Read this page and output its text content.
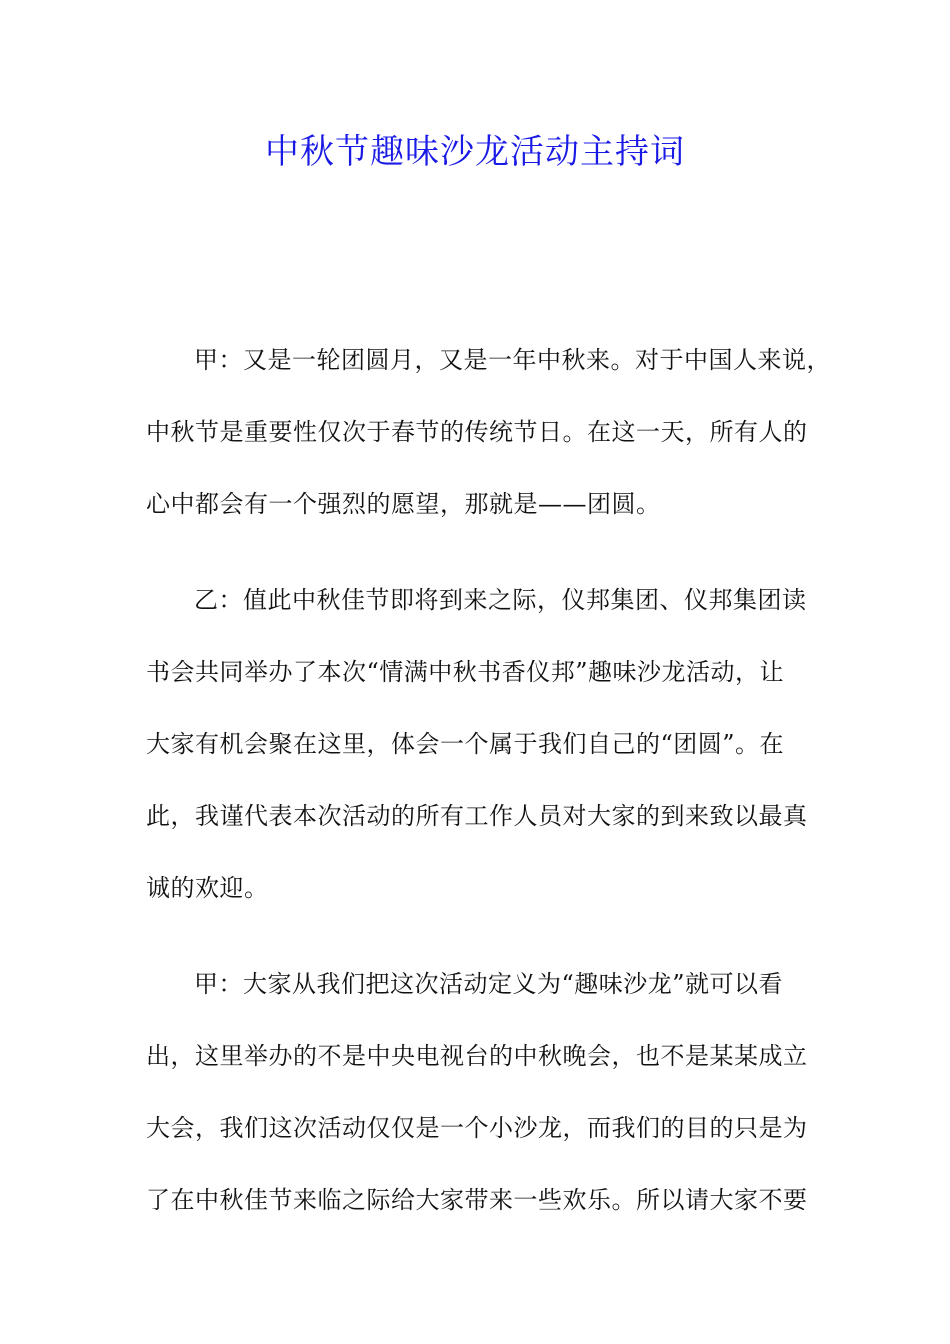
中秋节趣味沙龙活动主持词
甲：又是一轮团圆月，又是一年中秋来。对于中国人来说，
中秋节是重要性仅次于春节的传统节日。在这一天，所有人的
心中都会有一个强烈的愿望，那就是——团圆。
乙：值此中秋佳节即将到来之际，仪邦集团、仪邦集团读
书会共同举办了本次“情满中秋书香仪邦”趣味沙龙活动，让
大家有机会聚在这里，体会一个属于我们自己的“团圆”。在
此，我谨代表本次活动的所有工作人员对大家的到来致以最真
诚的欢迎。
甲：大家从我们把这次活动定义为“趣味沙龙”就可以看
出，这里举办的不是中央电视台的中秋晚会，也不是某某成立
大会，我们这次活动仅仅是一个小沙龙，而我们的目的只是为
了在中秋佳节来临之际给大家带来一些欢乐。所以请大家不要
